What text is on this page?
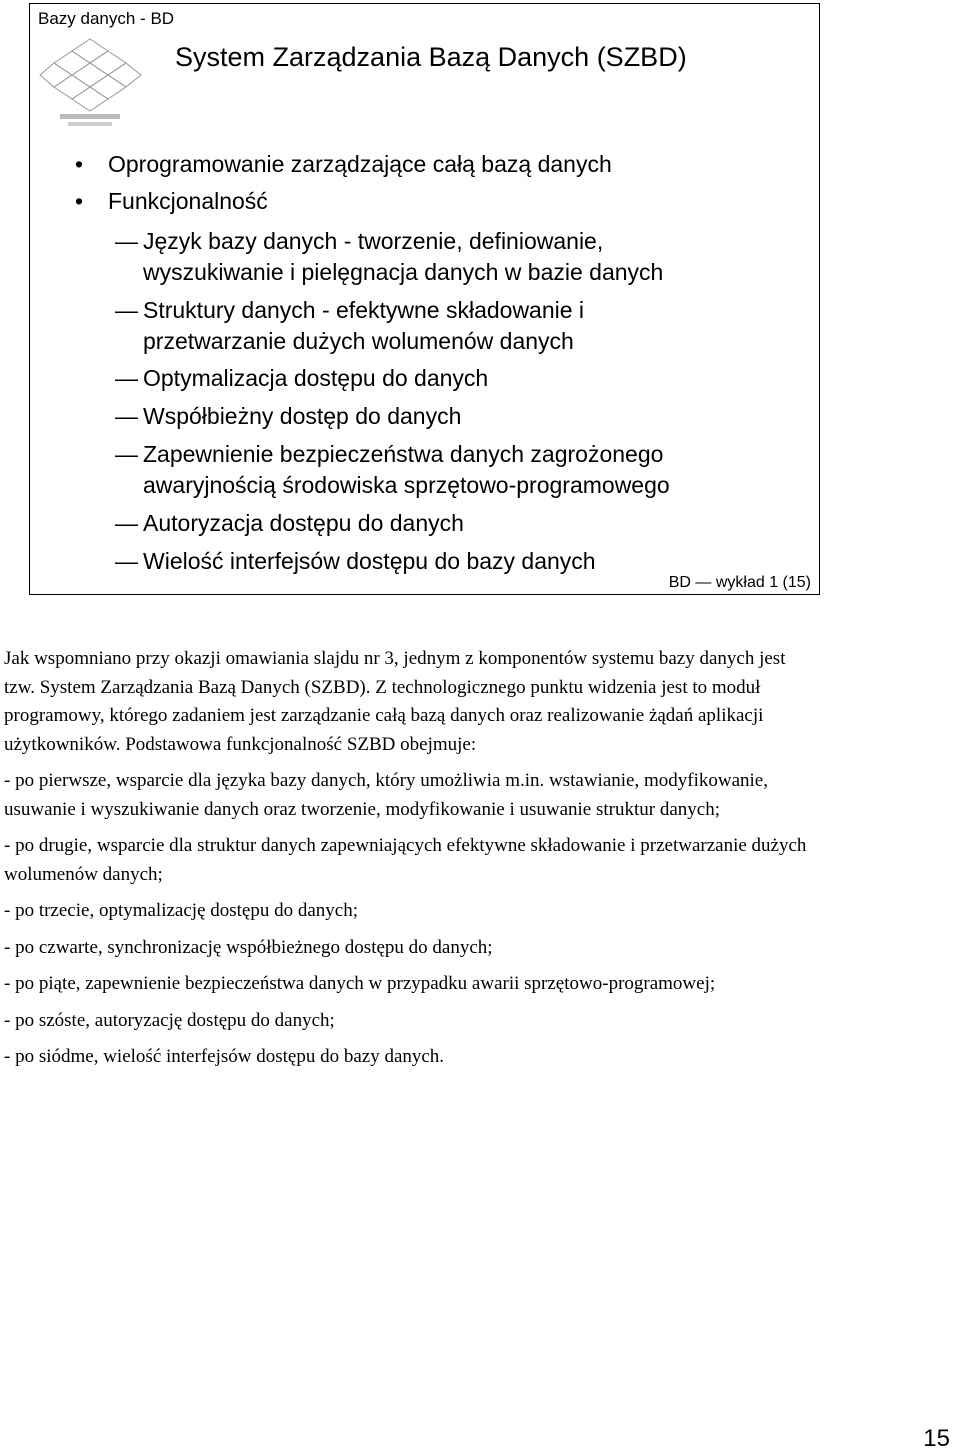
Bazy danych - BD
System Zarządzania Bazą Danych (SZBD)
• Oprogramowanie zarządzające całą bazą danych
• Funkcjonalność
— Język bazy danych - tworzenie, definiowanie,
wyszukiwanie i pielęgnacja danych w bazie danych
— Struktury danych - efektywne składowanie i
przetwarzanie dużych wolumenów danych
— Optymalizacja dostępu do danych
— Współbieżny dostęp do danych
— Zapewnienie bezpieczeństwa danych zagrożonego
awaryjnością środowiska sprzętowo-programowego
— Autoryzacja dostępu do danych
— Wielość interfejsów dostępu do bazy danych
BD — wykład 1 (15)

Jak wspomniano przy okazji omawiania slajdu nr 3, jednym z komponentów systemu bazy danych jest tzw. System Zarządzania Bazą Danych (SZBD). Z technologicznego punktu widzenia jest to moduł programowy, którego zadaniem jest zarządzanie całą bazą danych oraz realizowanie żądań aplikacji użytkowników. Podstawowa funkcjonalność SZBD obejmuje:

- po pierwsze, wsparcie dla języka bazy danych, który umożliwia m.in. wstawianie, modyfikowanie, usuwanie i wyszukiwanie danych oraz tworzenie, modyfikowanie i usuwanie struktur danych;

- po drugie, wsparcie dla struktur danych zapewniających efektywne składowanie i przetwarzanie dużych wolumenów danych;

- po trzecie, optymalizację dostępu do danych;

- po czwarte, synchronizację współbieżnego dostępu do danych;

- po piąte, zapewnienie bezpieczeństwa danych w przypadku awarii sprzętowo-programowej;

- po szóste, autoryzację dostępu do danych;

- po siódme, wielość interfejsów dostępu do bazy danych.

15
